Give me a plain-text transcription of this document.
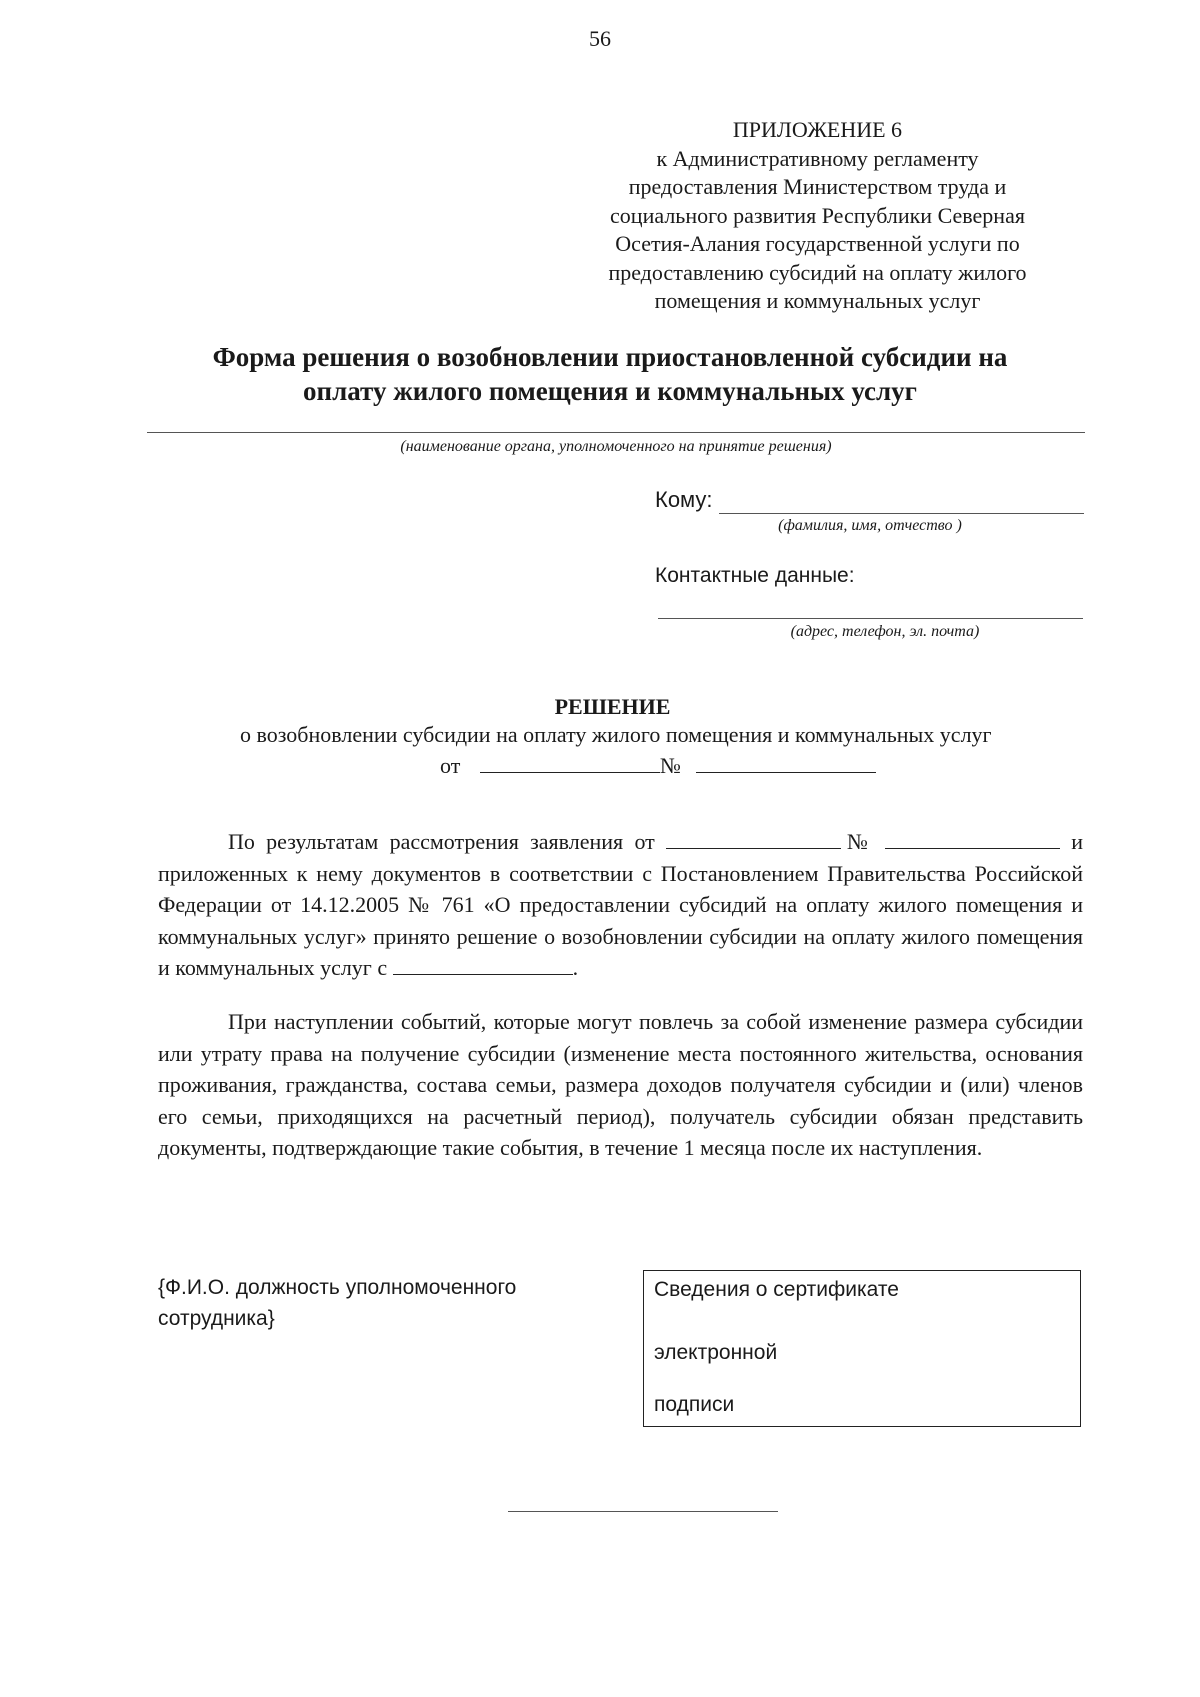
56
ПРИЛОЖЕНИЕ 6
к Административному регламенту
предоставления Министерством труда и
социального развития Республики Северная
Осетия-Алания государственной услуги по
предоставлению субсидий на оплату жилого
помещения и коммунальных услуг
Форма решения о возобновлении приостановленной субсидии на
оплату жилого помещения и коммунальных услуг
(наименование органа, уполномоченного на принятие решения)
Кому:
(фамилия, имя, отчество )
Контактные данные:
(адрес, телефон, эл. почта)
РЕШЕНИЕ
о возобновлении субсидии на оплату жилого помещения и коммунальных услуг
от	№
По результатам рассмотрения заявления от	№	и приложенных к нему документов в соответствии с Постановлением Правительства Российской Федерации от 14.12.2005 № 761 «О предоставлении субсидий на оплату жилого помещения и коммунальных услуг» принято решение о возобновлении субсидии на оплату жилого помещения и коммунальных услуг с	.
При наступлении событий, которые могут повлечь за собой изменение размера субсидии или утрату права на получение субсидии (изменение места постоянного жительства, основания проживания, гражданства, состава семьи, размера доходов получателя субсидии и (или) членов его семьи, приходящихся на расчетный период), получатель субсидии обязан представить документы, подтверждающие такие события, в течение 1 месяца после их наступления.
{Ф.И.О. должность уполномоченного сотрудника}
Сведения о сертификате
электронной
подписи
